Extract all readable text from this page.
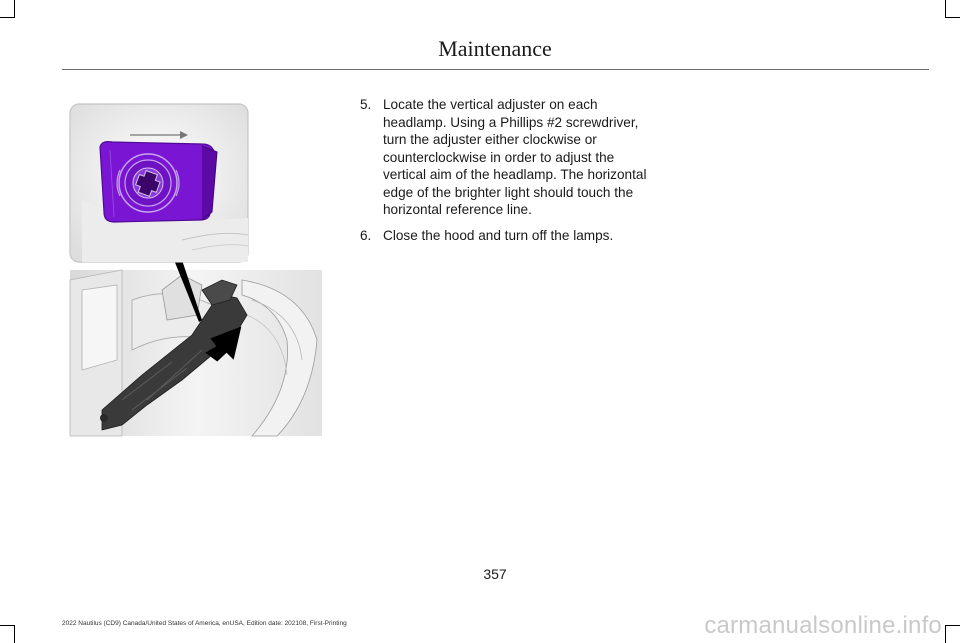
Maintenance
5. Locate the vertical adjuster on each headlamp. Using a Phillips #2 screwdriver, turn the adjuster either clockwise or counterclockwise in order to adjust the vertical aim of the headlamp. The horizontal edge of the brighter light should touch the horizontal reference line.
6. Close the hood and turn off the lamps.
357
2022 Nautilus (CD9) Canada/United States of America, enUSA, Edition date: 202108, First-Printing	carmanualsonline.info
